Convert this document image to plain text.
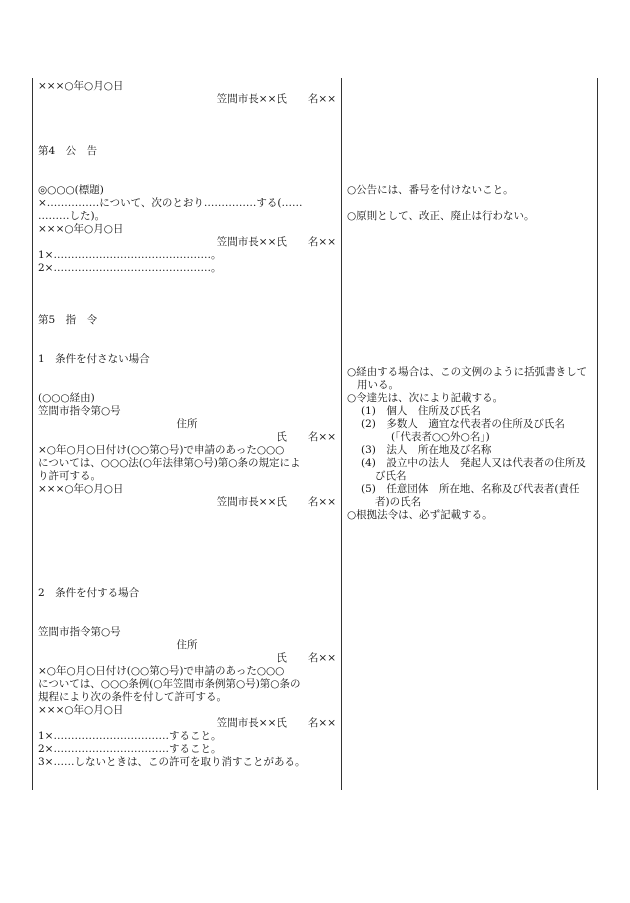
×××○年○月○日
笠間市長××氏　　名××
第4　公　告
◎○○○(標題)
×……………について、次のとおり……………する(……
………した)。
×××○年○月○日
笠間市長××氏　　名××
1×………………………………………。
2×………………………………………。
第5　指　令
1　条件を付さない場合
(○○○経由)
笠間市指令第○号
住所
氏　　名××
×○年○月○日付け(○○第○号)で申請のあった○○○
については、○○○法(○年法律第○号)第○条の規定によ
り許可する。
×××○年○月○日
笠間市長××氏　　名××
2　条件を付する場合
笠間市指令第○号
住所
氏　　名××
×○年○月○日付け(○○第○号)で申請のあった○○○
については、○○○条例(○年笠間市条例第○号)第○条の
規程により次の条件を付して許可する。
×××○年○月○日
笠間市長××氏　　名××
1×……………………………すること。
2×……………………………すること。
3×……しないときは、この許可を取り消すことがある。
○公告には、番号を付けないこと。
○原則として、改正、廃止は行わない。
○経由する場合は、この文例のように括弧書きして用いる。
○令達先は、次により記載する。
(1)　個人　住所及び氏名
(2)　多数人　適宜な代表者の住所及び氏名
(「代表者○○外○名」)
(3)　法人　所在地及び名称
(4)　設立中の法人　発起人又は代表者の住所及び氏名
(5)　任意団体　所在地、名称及び代表者(責任者)の氏名
○根拠法令は、必ず記載する。
